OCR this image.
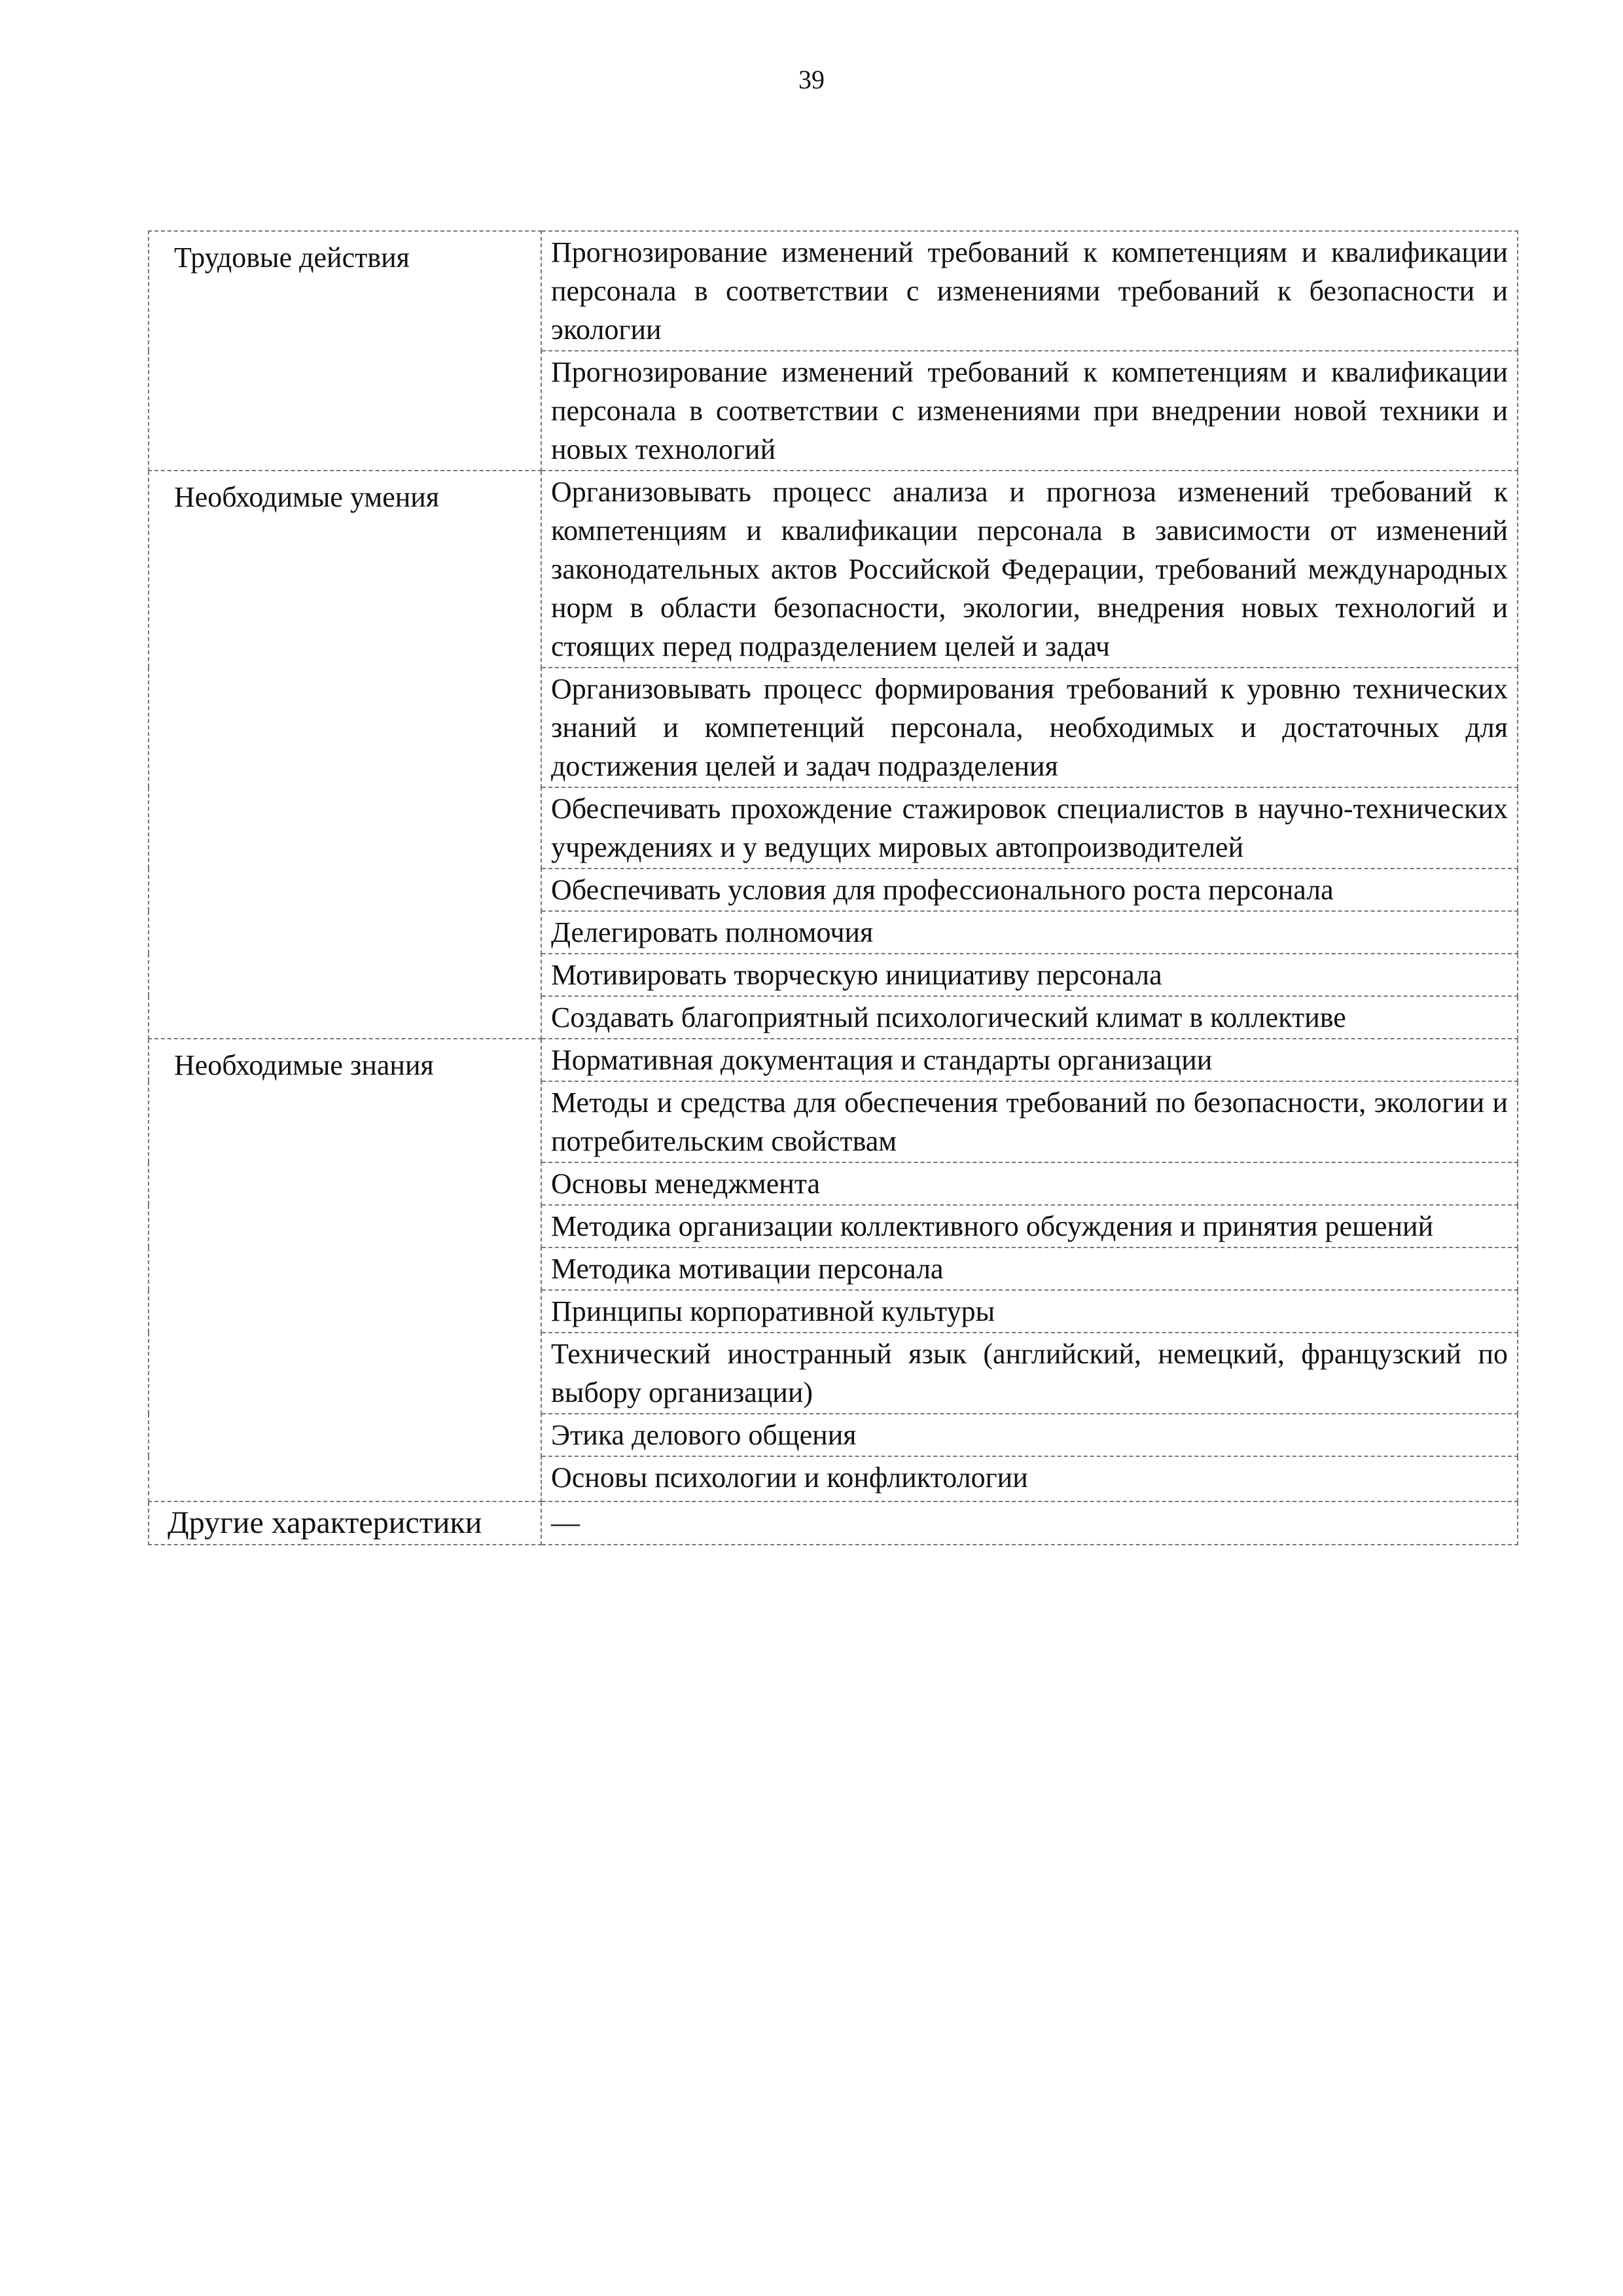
39
Трудовые действия	Прогнозирование изменений требований к компетенциям и квалификации персонала в соответствии с изменениями требований к безопасности и экологии
	Прогнозирование изменений требований к компетенциям и квалификации персонала в соответствии с изменениями при внедрении новой техники и новых технологий
Необходимые умения	Организовывать процесс анализа и прогноза изменений требований к компетенциям и квалификации персонала в зависимости от изменений законодательных актов Российской Федерации, требований международных норм в области безопасности, экологии, внедрения новых технологий и стоящих перед подразделением целей и задач
	Организовывать процесс формирования требований к уровню технических знаний и компетенций персонала, необходимых и достаточных для достижения целей и задач подразделения
	Обеспечивать прохождение стажировок специалистов в научно-технических учреждениях и у ведущих мировых автопроизводителей
	Обеспечивать условия для профессионального роста персонала
	Делегировать полномочия
	Мотивировать творческую инициативу персонала
	Создавать благоприятный психологический климат в коллективе
Необходимые знания	Нормативная документация и стандарты организации
	Методы и средства для обеспечения требований по безопасности, экологии и потребительским свойствам
	Основы менеджмента
	Методика организации коллективного обсуждения и принятия решений
	Методика мотивации персонала
	Принципы корпоративной культуры
	Технический иностранный язык (английский, немецкий, французский по выбору организации)
	Этика делового общения
	Основы психологии и конфликтологии
Другие характеристики	—
